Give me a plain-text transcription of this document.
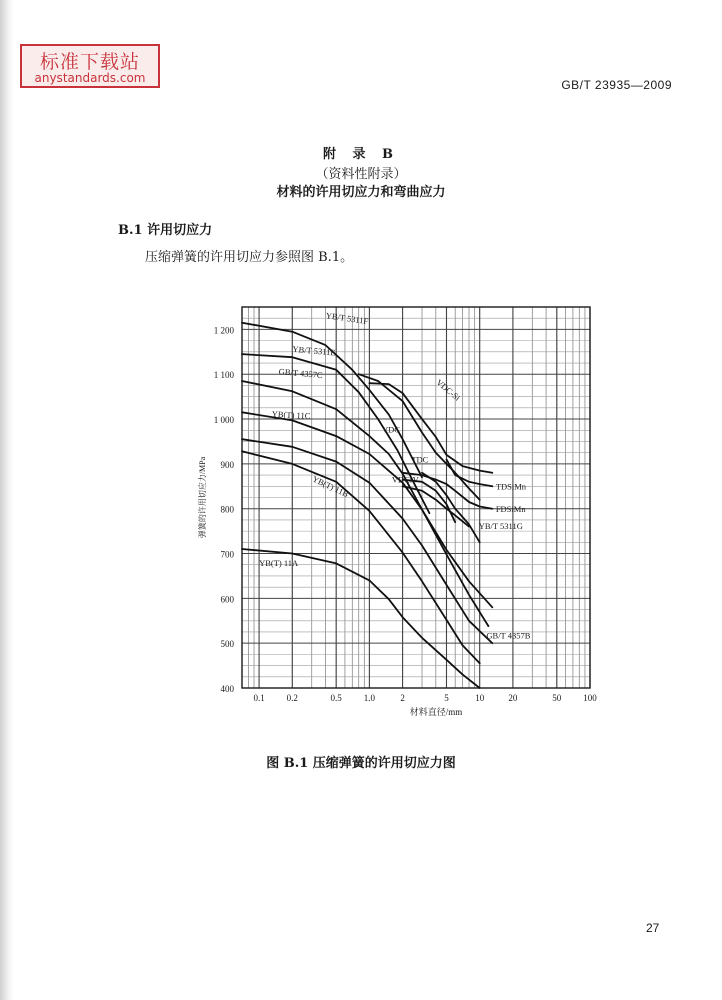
标准下载站
anystandards.com	GB/T 23935—2009
附 录 B
（资料性附录）
材料的许用切应力和弯曲应力
B.1 许用切应力
压缩弹簧的许用切应力参照图 B.1。
1 200
1 100
1 000
900
800
700
600
500
400
0.1 0.2	0.5 1.0	2	5	10	20	50 100
材料直径/mm
弹簧的许用切应力/MPa
YB/T 5311F
YB/T 5311E
GB/T 4357C
YB(T) 11C
YB(T) 11B
YB(T) 11A
VDC-Si
VDC
VDCrV
TDC
TDSiMn
FDSiMn
YB/T 5311G
GB/T 4357B
图 B.1 压缩弹簧的许用切应力图
27
